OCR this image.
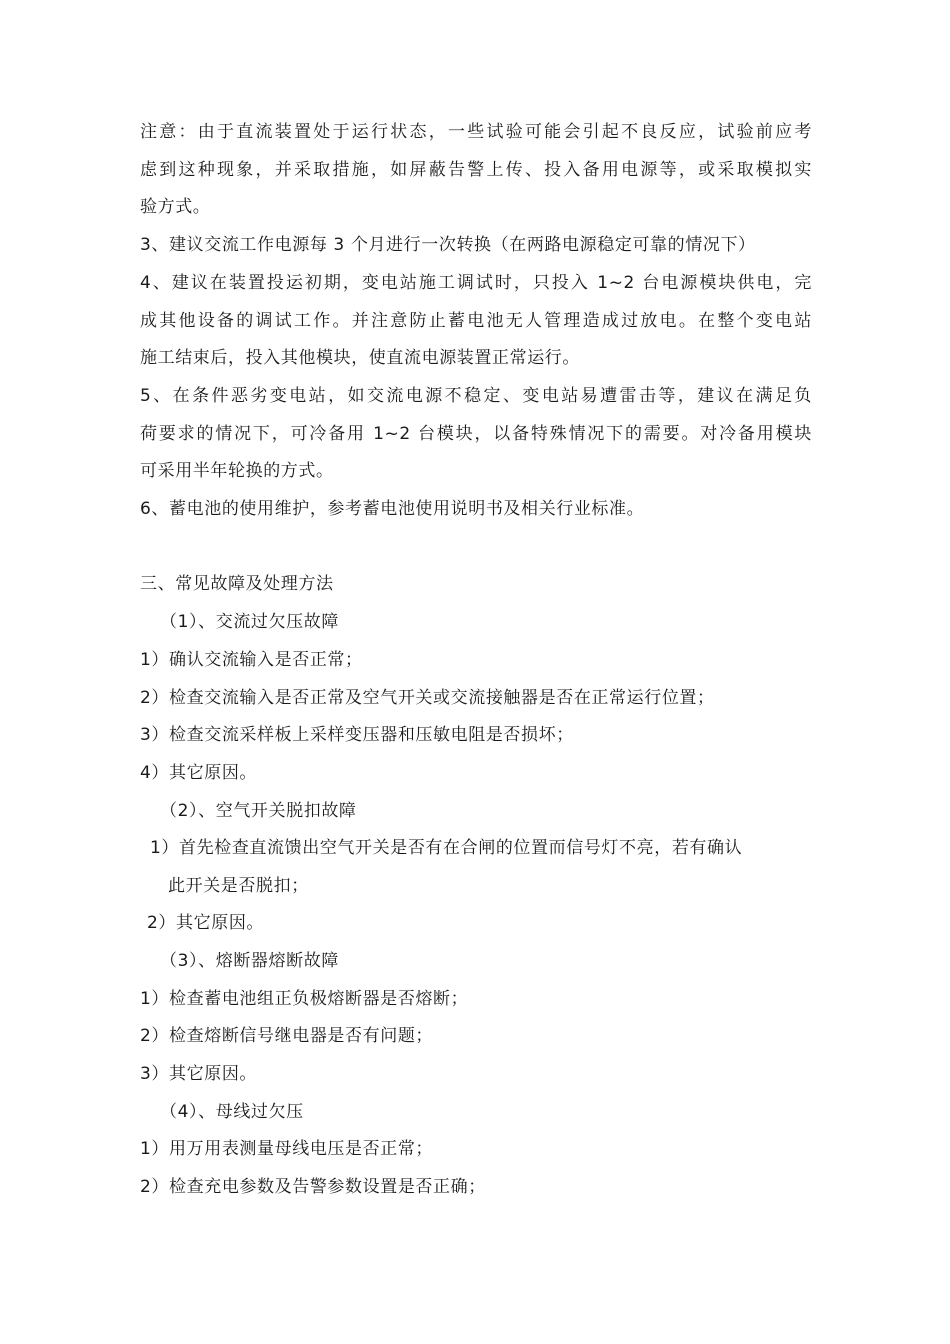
注意：由于直流装置处于运行状态，一些试验可能会引起不良反应，试验前应考
虑到这种现象，并采取措施，如屏蔽告警上传、投入备用电源等，或采取模拟实
验方式。
3、建议交流工作电源每 3 个月进行一次转换（在两路电源稳定可靠的情况下）
4、建议在装置投运初期，变电站施工调试时，只投入 1~2 台电源模块供电，完
成其他设备的调试工作。并注意防止蓄电池无人管理造成过放电。在整个变电站
施工结束后，投入其他模块，使直流电源装置正常运行。
5、在条件恶劣变电站，如交流电源不稳定、变电站易遭雷击等，建议在满足负
荷要求的情况下，可冷备用 1~2 台模块，以备特殊情况下的需要。对冷备用模块
可采用半年轮换的方式。
6、蓄电池的使用维护，参考蓄电池使用说明书及相关行业标准。
三、常见故障及处理方法
（1）、交流过欠压故障
1）确认交流输入是否正常；
2）检查交流输入是否正常及空气开关或交流接触器是否在正常运行位置；
3）检查交流采样板上采样变压器和压敏电阻是否损坏；
4）其它原因。
（2）、空气开关脱扣故障
1）首先检查直流馈出空气开关是否有在合闸的位置而信号灯不亮，若有确认
此开关是否脱扣；
2）其它原因。
（3）、熔断器熔断故障
1）检查蓄电池组正负极熔断器是否熔断；
2）检查熔断信号继电器是否有问题；
3）其它原因。
（4）、母线过欠压
1）用万用表测量母线电压是否正常；
2）检查充电参数及告警参数设置是否正确；
